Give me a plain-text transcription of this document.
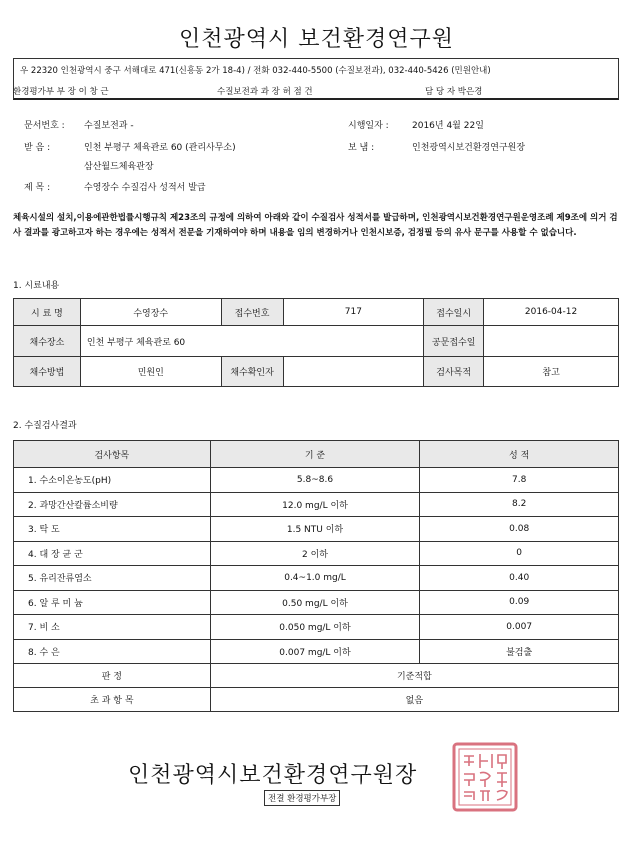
인천광역시 보건환경연구원
우 22320 인천광역시 중구 서해대로 471(신흥동 2가 18-4) / 전화 032-440-5500 (수질보전과), 032-440-5426 (민원안내)
환경평가부 부 장 이 창 근	수질보전과 과 장 허 점 건	담 당 자 박은경
문서번호 : 수질보전과 -	시행일자 :	2016년 4월 22일
받 음 :	인천 부평구 체육관로 60 (관리사무소)	보 냄 :	인천광역시보건환경연구원장
삼산월드체육관장
제 목 :	수영장수 수질검사 성적서 발급
체육시설의 설치,이용에관한법률시행규칙 제23조의 규정에 의하여 아래와 같이 수질검사 성적서를 발급하며, 인천광역시보건환경연구원운영조례 제9조에 의거 검사 결과를 광고하고자 하는 경우에는 성적서 전문을 기재하여야 하며 내용을 임의 변경하거나 인천시보증, 검정필 등의 유사 문구를 사용할 수 없습니다.
1. 시료내용
시 료 명	수영장수	접수번호	717	접수일시	2016-04-12
채수장소	인천 부평구 체육관로 60			공문접수일	
채수방법	민원인	채수확인자		검사목적	참고
2. 수질검사결과
검사항목	기 준	성 적
1. 수소이온농도(pH)	5.8~8.6	7.8
2. 과망간산칼륨소비량	12.0 mg/L 이하	8.2
3. 탁 도	1.5 NTU 이하	0.08
4. 대 장 균 군	2 이하	0
5. 유리잔류염소	0.4~1.0 mg/L	0.40
6. 알 루 미 늄	0.50 mg/L 이하	0.09
7. 비 소	0.050 mg/L 이하	0.007
8. 수 은	0.007 mg/L 이하	불검출
판 정	기준적합	
초 과 항 목	없음	
인천광역시보건환경연구원장
전결 환경평가부장
